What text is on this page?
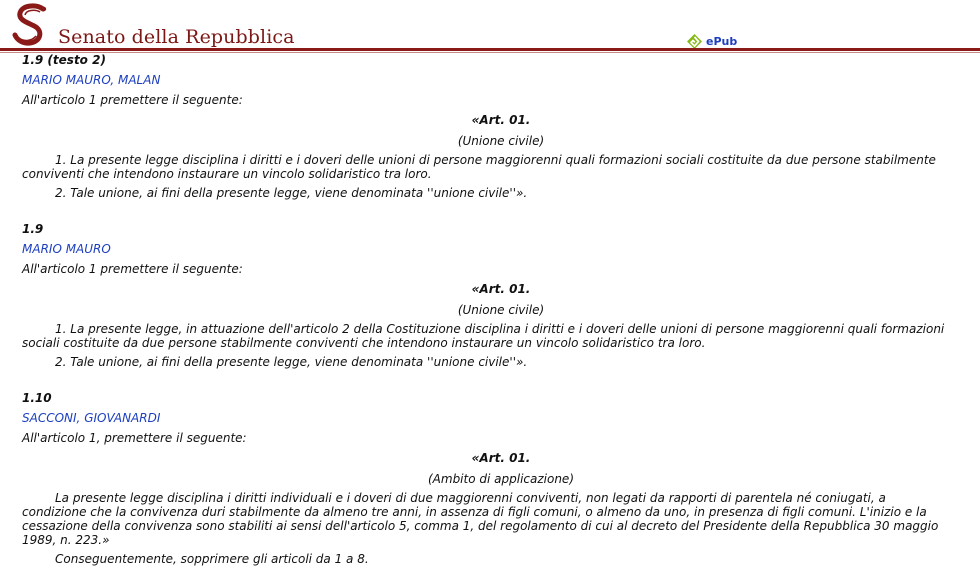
Senato della Repubblica	ePub
1.9 (testo 2)
MARIO MAURO, MALAN
All'articolo 1 premettere il seguente:
«Art. 01.
(Unione civile)

1. La presente legge disciplina i diritti e i doveri delle unioni di persone maggiorenni quali formazioni sociali costituite da due persone stabilmente conviventi che intendono instaurare un vincolo solidaristico tra loro.

2. Tale unione, ai fini della presente legge, viene denominata ''unione civile''».

1.9
MARIO MAURO
All'articolo 1 premettere il seguente:
«Art. 01.
(Unione civile)

1. La presente legge, in attuazione dell'articolo 2 della Costituzione disciplina i diritti e i doveri delle unioni di persone maggiorenni quali formazioni sociali costituite da due persone stabilmente conviventi che intendono instaurare un vincolo solidaristico tra loro.

2. Tale unione, ai fini della presente legge, viene denominata ''unione civile''».

1.10
SACCONI, GIOVANARDI
All'articolo 1, premettere il seguente:
«Art. 01.
(Ambito di applicazione)

La presente legge disciplina i diritti individuali e i doveri di due maggiorenni conviventi, non legati da rapporti di parentela né coniugati, a condizione che la convivenza duri stabilmente da almeno tre anni, in assenza di figli comuni, o almeno da uno, in presenza di figli comuni. L'inizio e la cessazione della convivenza sono stabiliti ai sensi dell'articolo 5, comma 1, del regolamento di cui al decreto del Presidente della Repubblica 30 maggio 1989, n. 223.»

Conseguentemente, sopprimere gli articoli da 1 a 8.
